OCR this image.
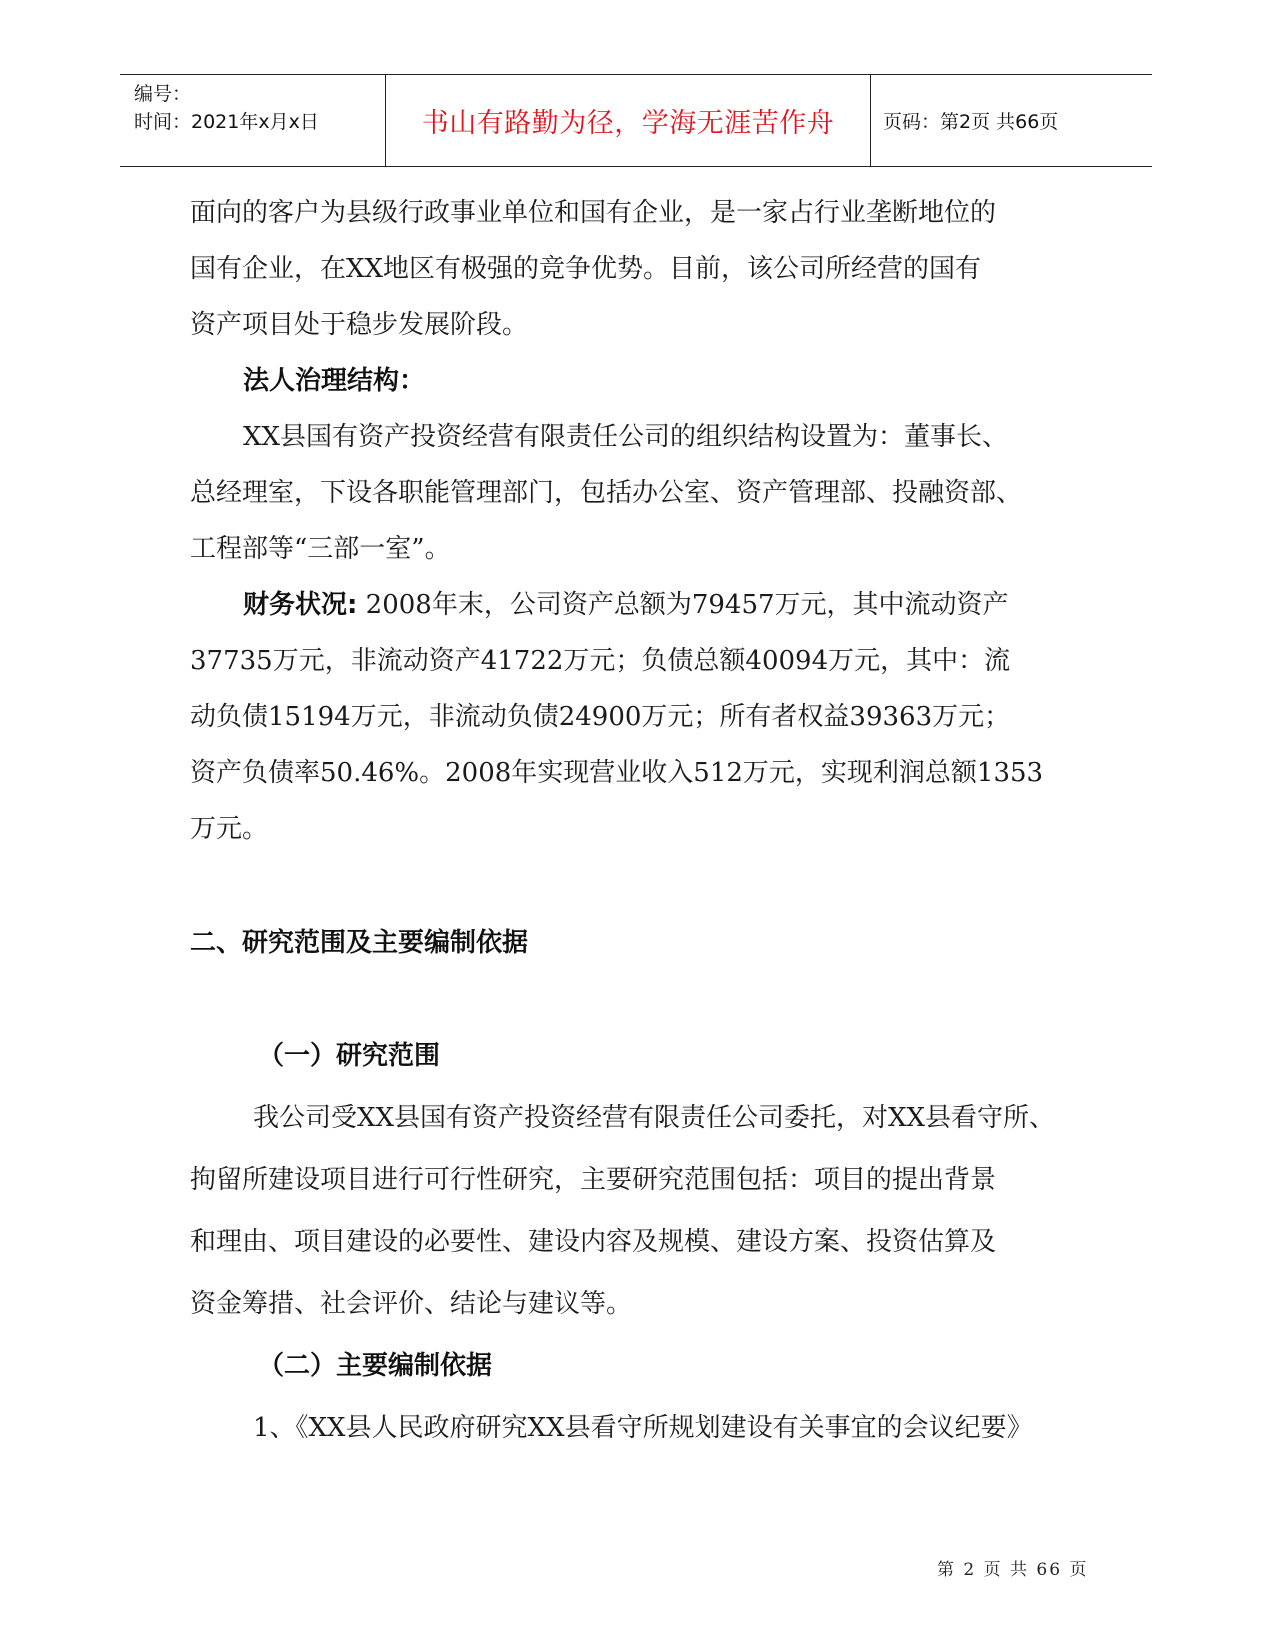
编号：
时间：2021年x月x日	书山有路勤为径，学海无涯苦作舟	页码：第2页 共66页
面向的客户为县级行政事业单位和国有企业，是一家占行业垄断地位的
国有企业，在XX地区有极强的竞争优势。目前，该公司所经营的国有
资产项目处于稳步发展阶段。
法人治理结构：
XX县国有资产投资经营有限责任公司的组织结构设置为：董事长、
总经理室，下设各职能管理部门，包括办公室、资产管理部、投融资部、
工程部等“三部一室”。
财务状况: 2008年末，公司资产总额为79457万元，其中流动资产
37735万元，非流动资产41722万元；负债总额40094万元，其中：流
动负债15194万元，非流动负债24900万元；所有者权益39363万元；
资产负债率50.46%。2008年实现营业收入512万元，实现利润总额1353
万元。
二、研究范围及主要编制依据
（一）研究范围
我公司受XX县国有资产投资经营有限责任公司委托，对XX县看守所、
拘留所建设项目进行可行性研究，主要研究范围包括：项目的提出背景
和理由、项目建设的必要性、建设内容及规模、建设方案、投资估算及
资金筹措、社会评价、结论与建议等。
（二）主要编制依据
1、《XX县人民政府研究XX县看守所规划建设有关事宜的会议纪要》
第 2 页 共 66 页
